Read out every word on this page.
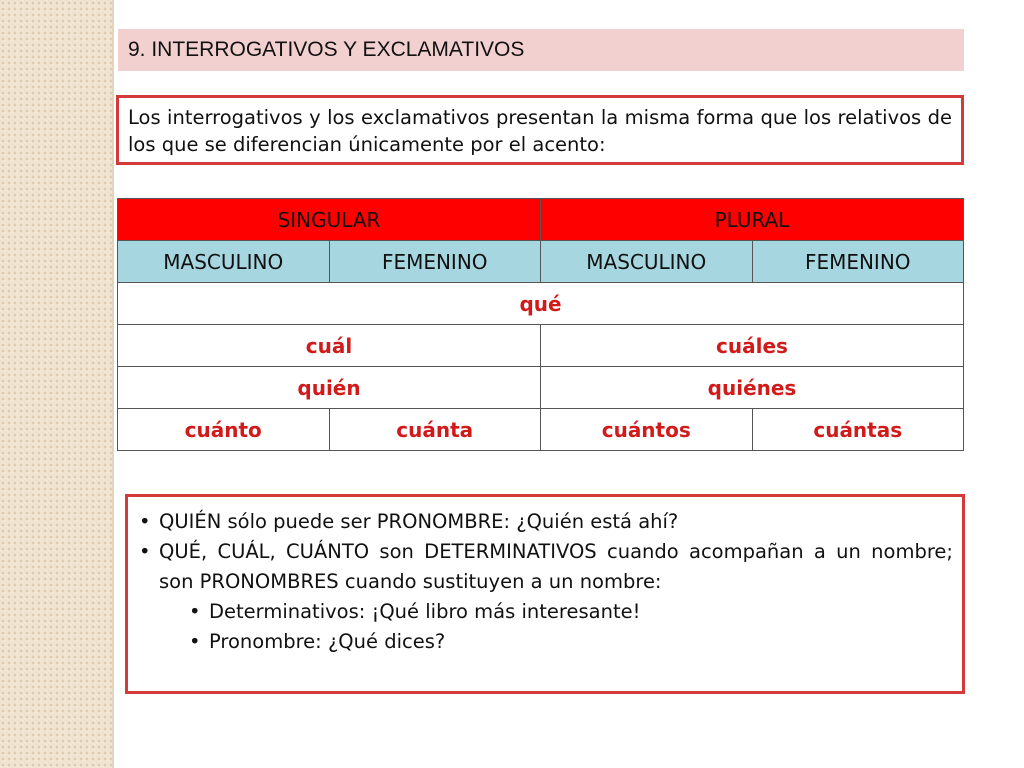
9. INTERROGATIVOS Y EXCLAMATIVOS
Los interrogativos y los exclamativos presentan la misma forma que los relativos de los que se diferencian únicamente por el acento:
SINGULAR		PLURAL	
MASCULINO	FEMENINO	MASCULINO	FEMENINO
qué			
cuál		cuáles	
quién		quiénes	
cuánto	cuánta	cuántos	cuántas
• QUIÉN sólo puede ser PRONOMBRE: ¿Quién está ahí?
• QUÉ, CUÁL, CUÁNTO son DETERMINATIVOS cuando acompañan a un nombre; son PRONOMBRES cuando sustituyen a un nombre:
• Determinativos: ¡Qué libro más interesante!
• Pronombre: ¿Qué dices?
